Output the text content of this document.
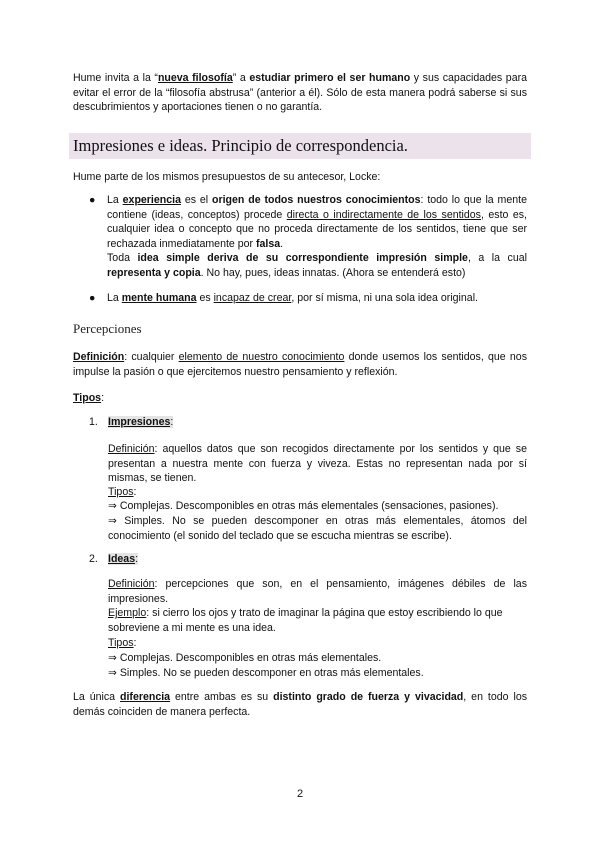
Hume invita a la “nueva filosofía” a estudiar primero el ser humano y sus capacidades para evitar el error de la “filosofía abstrusa” (anterior a él). Sólo de esta manera podrá saberse si sus descubrimientos y aportaciones tienen o no garantía.

Impresiones e ideas. Principio de correspondencia.

Hume parte de los mismos presupuestos de su antecesor, Locke:

● La experiencia es el origen de todos nuestros conocimientos: todo lo que la mente contiene (ideas, conceptos) procede directa o indirectamente de los sentidos, esto es, cualquier idea o concepto que no proceda directamente de los sentidos, tiene que ser rechazada inmediatamente por falsa.
Toda idea simple deriva de su correspondiente impresión simple, a la cual representa y copia. No hay, pues, ideas innatas. (Ahora se entenderá esto)

● La mente humana es incapaz de crear, por sí misma, ni una sola idea original.

Percepciones

Definición: cualquier elemento de nuestro conocimiento donde usemos los sentidos, que nos impulse la pasión o que ejercitemos nuestro pensamiento y reflexión.

Tipos:

1. Impresiones:

Definición: aquellos datos que son recogidos directamente por los sentidos y que se presentan a nuestra mente con fuerza y viveza. Estas no representan nada por sí mismas, se tienen.

Tipos:

⇒ Complejas. Descomponibles en otras más elementales (sensaciones, pasiones).

⇒ Simples. No se pueden descomponer en otras más elementales, átomos del conocimiento (el sonido del teclado que se escucha mientras se escribe).

2. Ideas:

Definición: percepciones que son, en el pensamiento, imágenes débiles de las impresiones.

Ejemplo: si cierro los ojos y trato de imaginar la página que estoy escribiendo lo que sobreviene a mi mente es una idea.

Tipos:

⇒ Complejas. Descomponibles en otras más elementales.

⇒ Simples. No se pueden descomponer en otras más elementales.

La única diferencia entre ambas es su distinto grado de fuerza y vivacidad, en todo los demás coinciden de manera perfecta.

2
